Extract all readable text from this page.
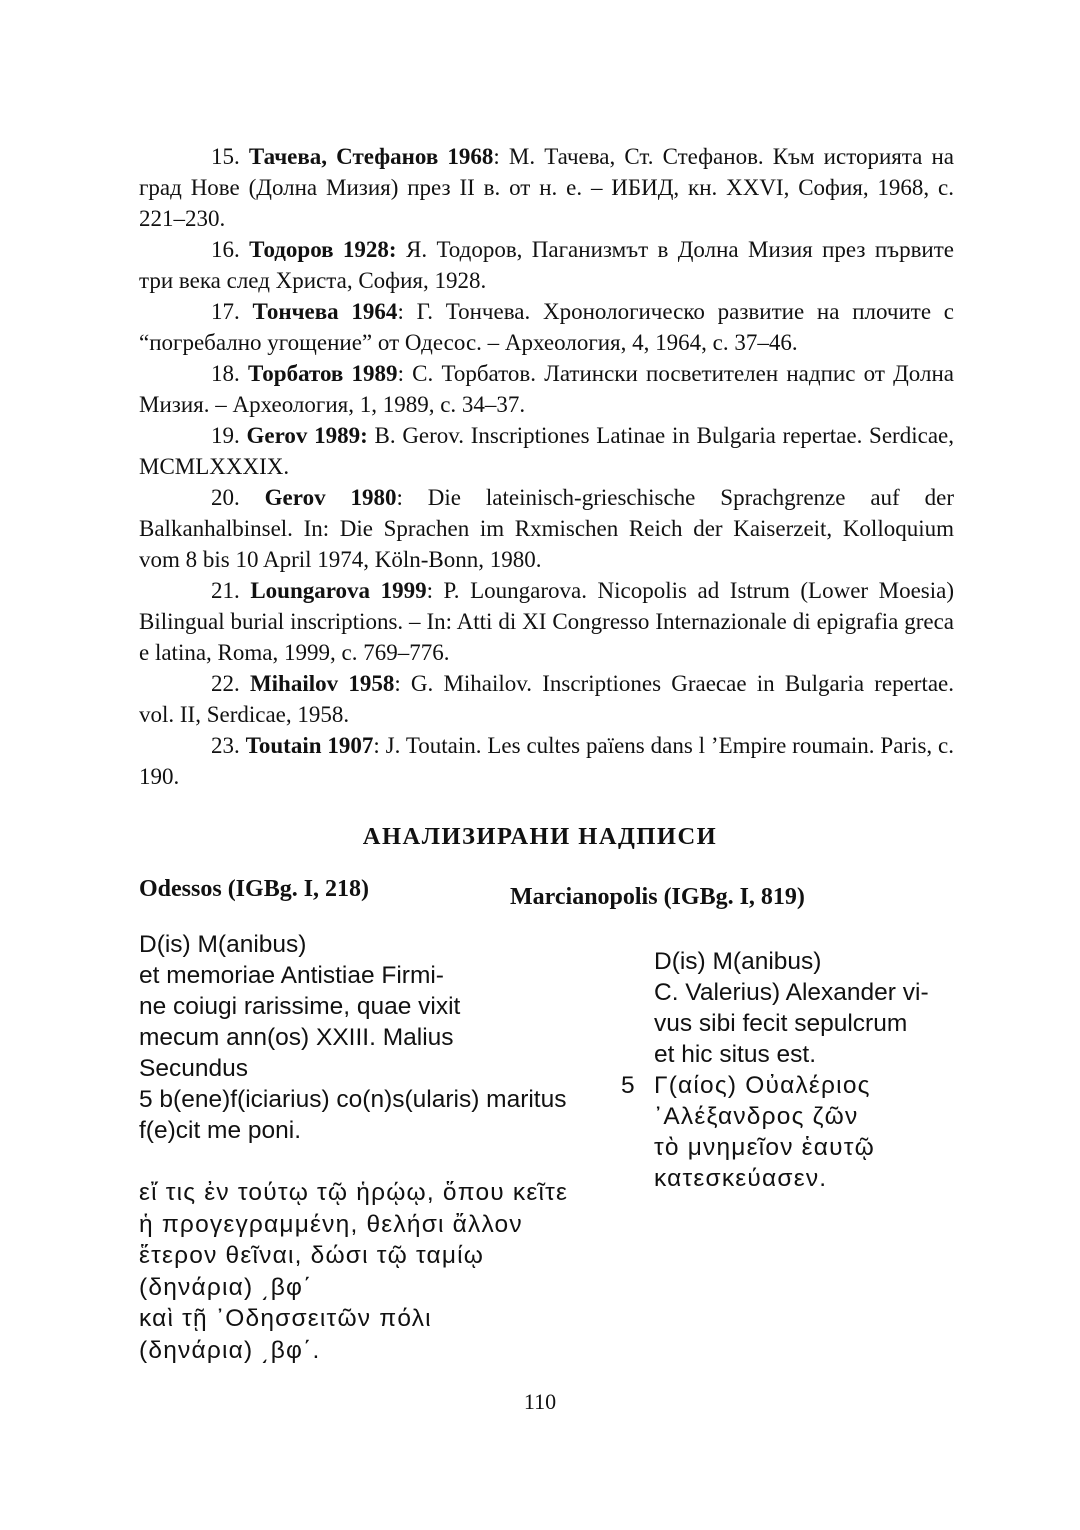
15. Тачева, Стефанов 1968: М. Тачева, Ст. Стефанов. Към историята на град Нове (Долна Мизия) през II в. от н. е. – ИБИД, кн. XXVI, София, 1968, с. 221–230.

16. Тодоров 1928: Я. Тодоров, Паганизмът в Долна Мизия през първите три века след Христа, София, 1928.

17. Тончева 1964: Г. Тончева. Хронологическо развитие на плочите с “погребално угощение” от Одесос. – Археология, 4, 1964, с. 37–46.

18. Торбатов 1989: С. Торбатов. Латински посветителен надпис от Долна Мизия. – Археология, 1, 1989, с. 34–37.

19. Gerov 1989: B. Gerov. Inscriptiones Latinae in Bulgaria repertae. Serdicae, MCMLXXXIX.

20. Gerov 1980: Die lateinisch-grieschische Sprachgrenze auf der Balkanhalbinsel. In: Die Sprachen im Rxmischen Reich der Kaiserzeit, Kolloquium vom 8 bis 10 April 1974, Köln-Bonn, 1980.

21. Loungarova 1999: P. Loungarova. Nicopolis ad Istrum (Lower Moesia) Bilingual burial inscriptions. – In: Atti di XI Congresso Internazionale di epigrafia greca e latina, Roma, 1999, c. 769–776.

22. Mihailov 1958: G. Mihailov. Inscriptiones Graecae in Bulgaria repertae. vol. II, Serdicae, 1958.

23. Toutain 1907: J. Toutain. Les cultes païens dans l ’Empire roumain. Paris, c. 190.

АНАЛИЗИРАНИ НАДПИСИ
Odessos (IGBg. I, 218)	Marcianopolis (IGBg. I, 819)
D(is) M(anibus)
et memoriae Antistiae Firmi-
ne coiugi rarissime, quae vixit
mecum ann(os) XXIII. Malius
Secundus
5 b(ene)f(iciarius) co(n)s(ularis) maritus
f(e)cit me poni.
εἴ τις ἐν τούτῳ τῷ ἡρῴῳ, ὅπου κεῖτε
ἡ προγεγραμμένη, θελήσι ἄλλον
ἕτερον θεῖναι, δώσι τῷ ταμίῳ
(δηνάρια) ͵βφ΄
καὶ τῇ ᾽Οδησσειτῶν πόλι
(δηνάρια) ͵βφ΄.
D(is) M(anibus)
C. Valerius) Alexander vi-
vus sibi fecit sepulcrum
et hic situs est.
5 Γ(αίος) Οὐαλέριος
᾽Αλέξανδρος ζῶν
τὸ μνημεῖον ἑαυτῷ
κατεσκεύασεν.

110
